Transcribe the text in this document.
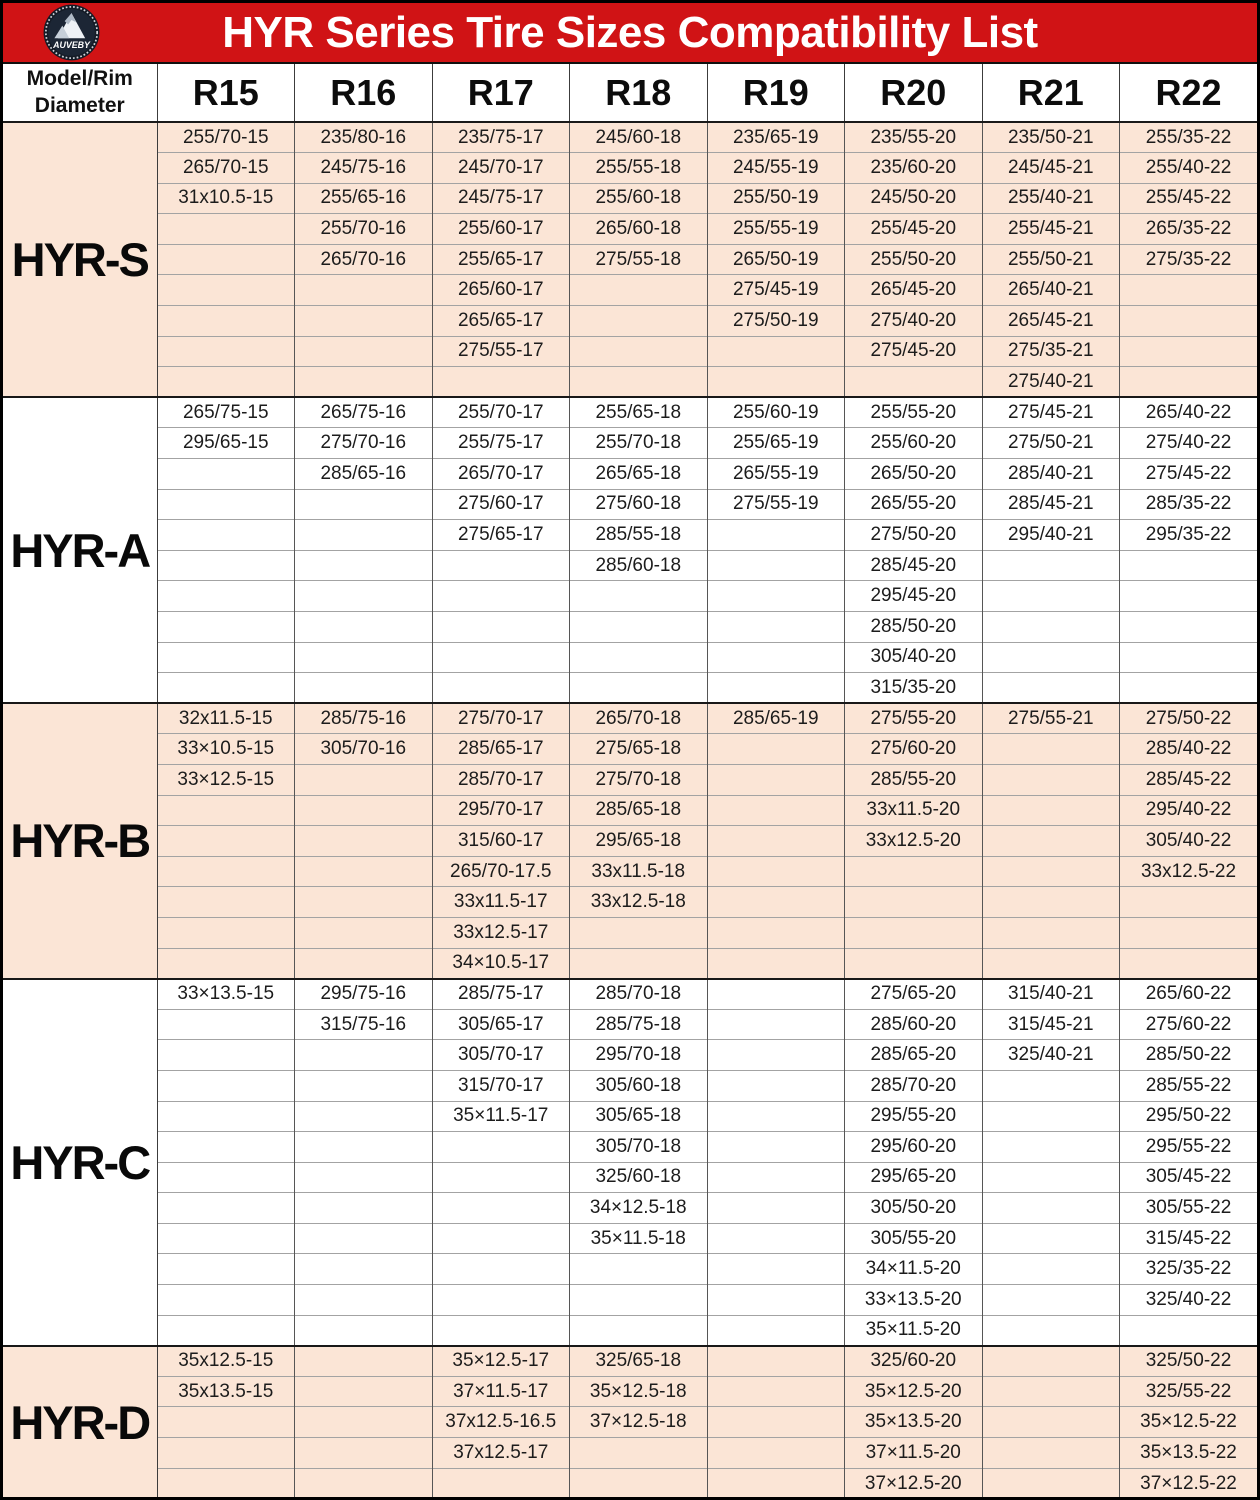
AUVEBY	HYR Series Tire Sizes Compatibility List
Model/Rim
Diameter	R15	R16	R17	R18	R19	R20	R21	R22
HYR-S	255/70-15	235/80-16	235/75-17	245/60-18	235/65-19	235/55-20	235/50-21	255/35-22
	265/70-15	245/75-16	245/70-17	255/55-18	245/55-19	235/60-20	245/45-21	255/40-22
	31x10.5-15	255/65-16	245/75-17	255/60-18	255/50-19	245/50-20	255/40-21	255/45-22
		255/70-16	255/60-17	265/60-18	255/55-19	255/45-20	255/45-21	265/35-22
		265/70-16	255/65-17	275/55-18	265/50-19	255/50-20	255/50-21	275/35-22
			265/60-17		275/45-19	265/45-20	265/40-21	
			265/65-17		275/50-19	275/40-20	265/45-21	
			275/55-17			275/45-20	275/35-21	
							275/40-21	
HYR-A	265/75-15	265/75-16	255/70-17	255/65-18	255/60-19	255/55-20	275/45-21	265/40-22
	295/65-15	275/70-16	255/75-17	255/70-18	255/65-19	255/60-20	275/50-21	275/40-22
		285/65-16	265/70-17	265/65-18	265/55-19	265/50-20	285/40-21	275/45-22
			275/60-17	275/60-18	275/55-19	265/55-20	285/45-21	285/35-22
			275/65-17	285/55-18		275/50-20	295/40-21	295/35-22
				285/60-18		285/45-20		
						295/45-20		
						285/50-20		
						305/40-20		
						315/35-20		
HYR-B	32x11.5-15	285/75-16	275/70-17	265/70-18	285/65-19	275/55-20	275/55-21	275/50-22
	33×10.5-15	305/70-16	285/65-17	275/65-18		275/60-20		285/40-22
	33×12.5-15		285/70-17	275/70-18		285/55-20		285/45-22
			295/70-17	285/65-18		33x11.5-20		295/40-22
			315/60-17	295/65-18		33x12.5-20		305/40-22
			265/70-17.5	33x11.5-18				33x12.5-22
			33x11.5-17	33x12.5-18				
			33x12.5-17					
			34×10.5-17					
HYR-C	33×13.5-15	295/75-16	285/75-17	285/70-18		275/65-20	315/40-21	265/60-22
		315/75-16	305/65-17	285/75-18		285/60-20	315/45-21	275/60-22
			305/70-17	295/70-18		285/65-20	325/40-21	285/50-22
			315/70-17	305/60-18		285/70-20		285/55-22
			35×11.5-17	305/65-18		295/55-20		295/50-22
				305/70-18		295/60-20		295/55-22
				325/60-18		295/65-20		305/45-22
				34×12.5-18		305/50-20		305/55-22
				35×11.5-18		305/55-20		315/45-22
						34×11.5-20		325/35-22
						33×13.5-20		325/40-22
						35×11.5-20		
HYR-D	35x12.5-15		35×12.5-17	325/65-18		325/60-20		325/50-22
	35x13.5-15		37×11.5-17	35×12.5-18		35×12.5-20		325/55-22
			37x12.5-16.5	37×12.5-18		35×13.5-20		35×12.5-22
			37x12.5-17			37×11.5-20		35×13.5-22
						37×12.5-20		37×12.5-22
